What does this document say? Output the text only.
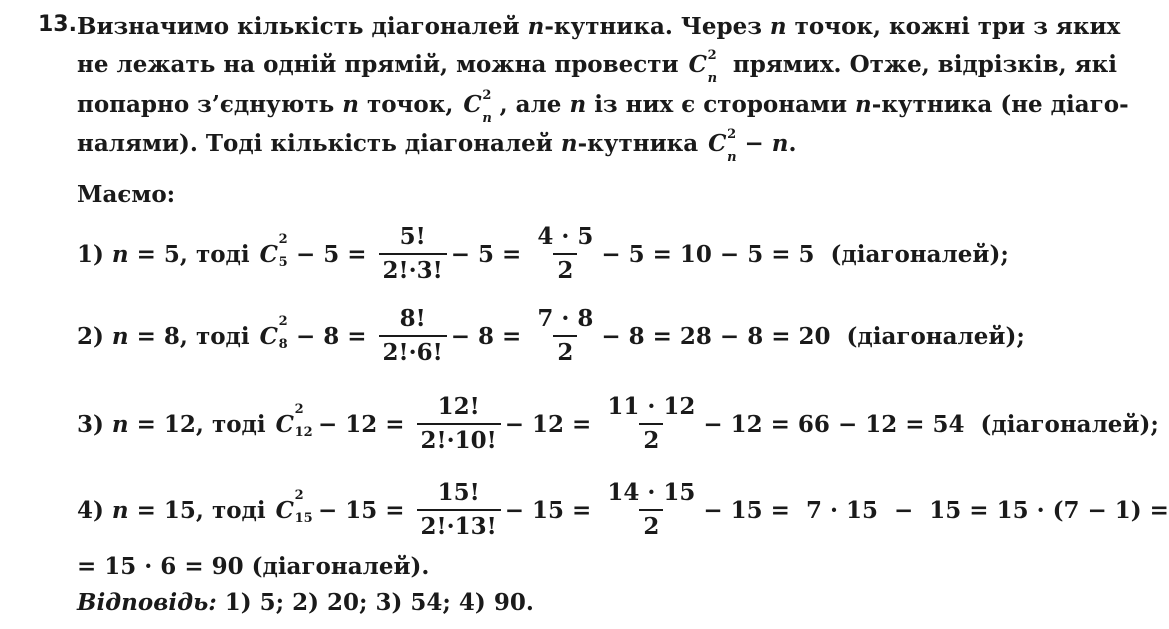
13. Визначимо кількість діагоналей n-кутника. Через n точок, кожні три з яких
не лежать на одній прямій, можна провести C 2
n
прямих. Отже, відрізків, які
попарно з’єднують n точок, C 2
n
, але n із них є сторонами n-кутника (не діаго-
налями). Тоді кількість діагоналей n-кутника C 2
n
− n.
Маємо:
1) n = 5, тоді C
2
$5 - 5 = \frac{5!}{2!\cdot 3!} - 5 = \frac{4 \cdot 5}{2} - 5 = 10 - 5 = 5$  (діагоналей);
2) n = 8, тоді C
2
$8 - 8 = \frac{8!}{2!\cdot 6!} - 8 = \frac{7 \cdot 8}{2} - 8 = 28 - 8 = 20$  (діагоналей);
3) n = 12, тоді C
2
$12 - 12 = \frac{12!}{2!\cdot 10!} - 12 = \frac{11 \cdot 12}{2} - 12 = 66 - 12 = 54$  (діагоналей);
4) n = 15, тоді C
2
$15 - 15 = \frac{15!}{2!\cdot 13!} - 15 = \frac{14 \cdot 15}{2} - 15 = 7 \cdot 15 - 15 = 15 \cdot (7 - 1)$ =
= 15 · 6 = 90 (діагоналей).
Відповідь: 1) 5; 2) 20; 3) 54; 4) 90.
